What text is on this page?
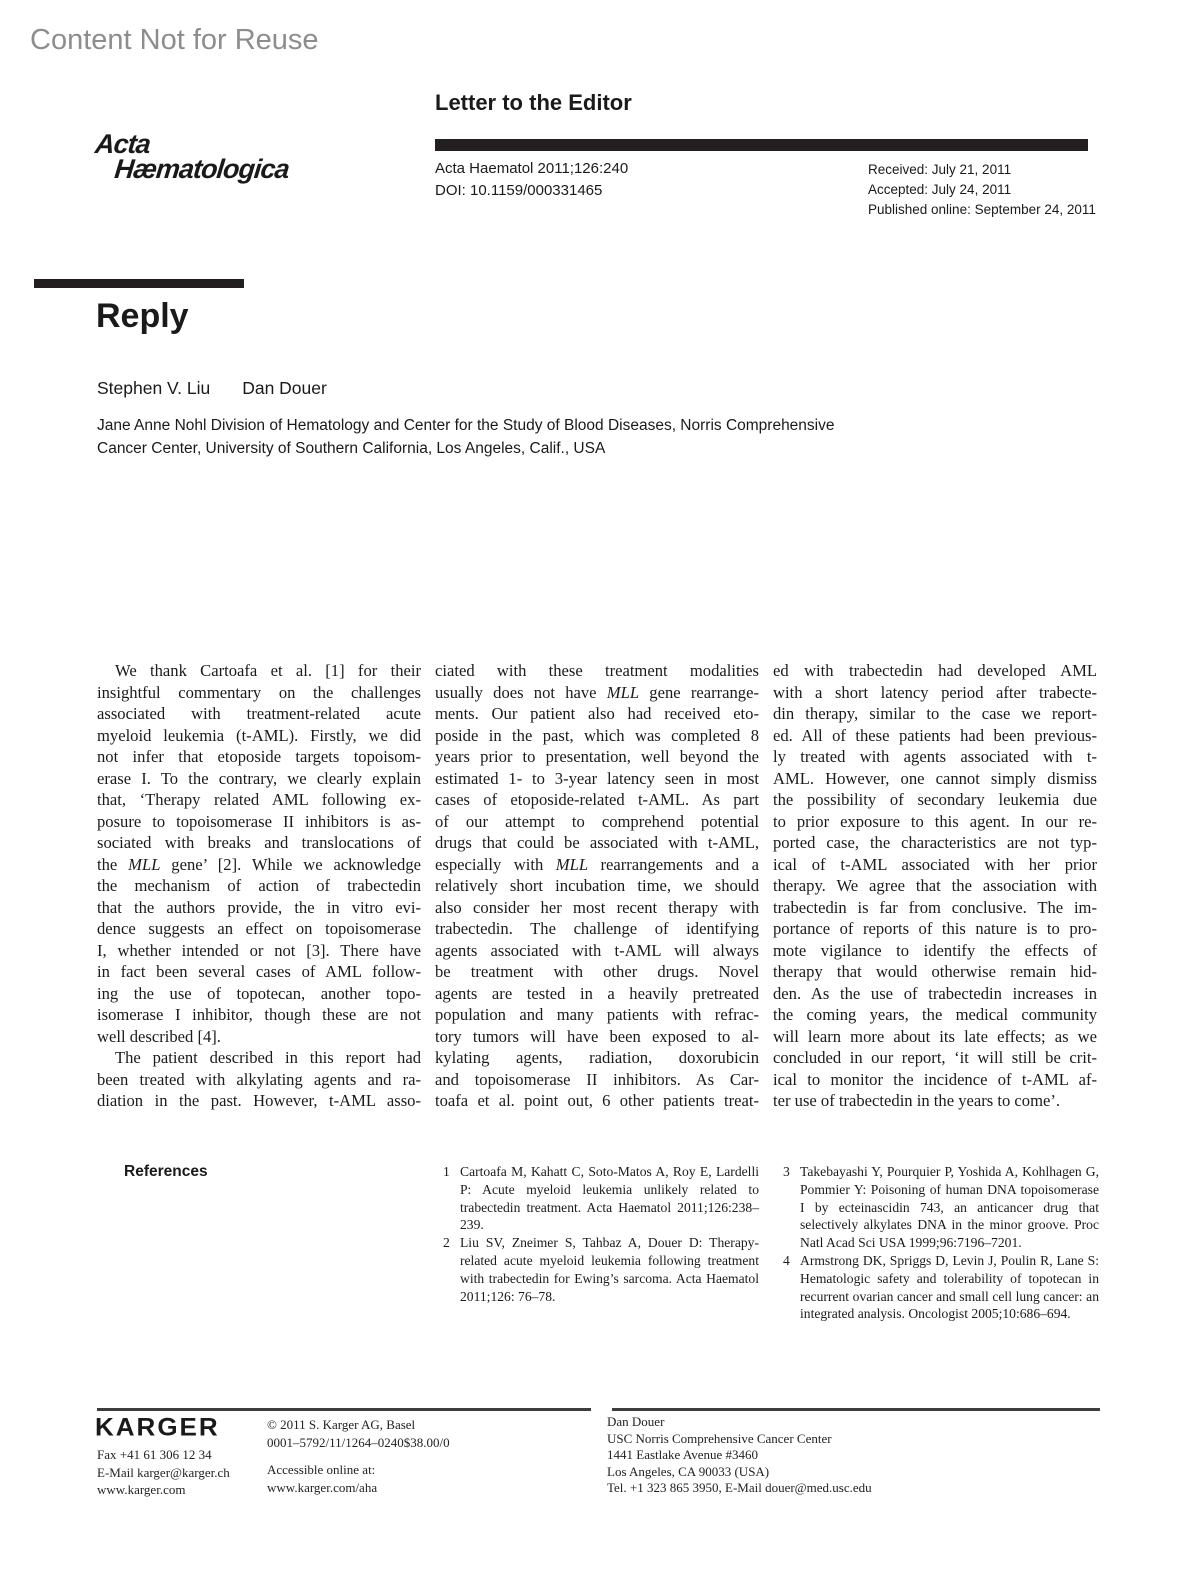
Content Not for Reuse
Acta
Hæmatologica
Letter to the Editor
Acta Haematol 2011;126:240
DOI: 10.1159/000331465
Received: July 21, 2011
Accepted: July 24, 2011
Published online: September 24, 2011
Reply
Stephen V. Liu Dan Douer
Jane Anne Nohl Division of Hematology and Center for the Study of Blood Diseases, Norris Comprehensive
Cancer Center, University of Southern California, Los Angeles, Calif., USA
We thank Cartoafa et al. [1] for their
insightful commentary on the challenges
associated with treatment-related acute
myeloid leukemia (t-AML). Firstly, we did
not infer that etoposide targets topoisom-
erase I. To the contrary, we clearly explain
that, ‘Therapy related AML following ex-
posure to topoisomerase II inhibitors is as-
sociated with breaks and translocations of
the MLL gene’ [2]. While we acknowledge
the mechanism of action of trabectedin
that the authors provide, the in vitro evi-
dence suggests an effect on topoisomerase
I, whether intended or not [3]. There have
in fact been several cases of AML follow-
ing the use of topotecan, another topo-
isomerase I inhibitor, though these are not
well described [4].
The patient described in this report had
been treated with alkylating agents and ra-
diation in the past. However, t-AML asso-
ciated with these treatment modalities
usually does not have MLL gene rearrange-
ments. Our patient also had received eto-
poside in the past, which was completed 8
years prior to presentation, well beyond the
estimated 1- to 3-year latency seen in most
cases of etoposide-related t-AML. As part
of our attempt to comprehend potential
drugs that could be associated with t-AML,
especially with MLL rearrangements and a
relatively short incubation time, we should
also consider her most recent therapy with
trabectedin. The challenge of identifying
agents associated with t-AML will always
be treatment with other drugs. Novel
agents are tested in a heavily pretreated
population and many patients with refrac-
tory tumors will have been exposed to al-
kylating agents, radiation, doxorubicin
and topoisomerase II inhibitors. As Car-
toafa et al. point out, 6 other patients treat-
ed with trabectedin had developed AML
with a short latency period after trabecte-
din therapy, similar to the case we report-
ed. All of these patients had been previous-
ly treated with agents associated with t-
AML. However, one cannot simply dismiss
the possibility of secondary leukemia due
to prior exposure to this agent. In our re-
ported case, the characteristics are not typ-
ical of t-AML associated with her prior
therapy. We agree that the association with
trabectedin is far from conclusive. The im-
portance of reports of this nature is to pro-
mote vigilance to identify the effects of
therapy that would otherwise remain hid-
den. As the use of trabectedin increases in
the coming years, the medical community
will learn more about its late effects; as we
concluded in our report, ‘it will still be crit-
ical to monitor the incidence of t-AML af-
ter use of trabectedin in the years to come’.
References	1 Cartoafa M, Kahatt C, Soto-Matos A, Roy E, Lardelli P: Acute myeloid leukemia unlikely related to trabectedin treatment. Acta Haematol 2011;126:238–239.
2 Liu SV, Zneimer S, Tahbaz A, Douer D: Therapy-related acute myeloid leukemia following treatment with trabectedin for Ewing’s sarcoma. Acta Haematol 2011;126: 76–78.
3 Takebayashi Y, Pourquier P, Yoshida A, Kohlhagen G, Pommier Y: Poisoning of human DNA topoisomerase I by ecteinascidin 743, an anticancer drug that selectively alkylates DNA in the minor groove. Proc Natl Acad Sci USA 1999;96:7196–7201.
4 Armstrong DK, Spriggs D, Levin J, Poulin R, Lane S: Hematologic safety and tolerability of topotecan in recurrent ovarian cancer and small cell lung cancer: an integrated analysis. Oncologist 2005;10:686–694.
KARGER
Fax +41 61 306 12 34
E-Mail karger@karger.ch
www.karger.com
© 2011 S. Karger AG, Basel
0001–5792/11/1264–0240$38.00/0
Accessible online at:
www.karger.com/aha
Dan Douer
USC Norris Comprehensive Cancer Center
1441 Eastlake Avenue #3460
Los Angeles, CA 90033 (USA)
Tel. +1 323 865 3950, E-Mail douer@med.usc.edu
